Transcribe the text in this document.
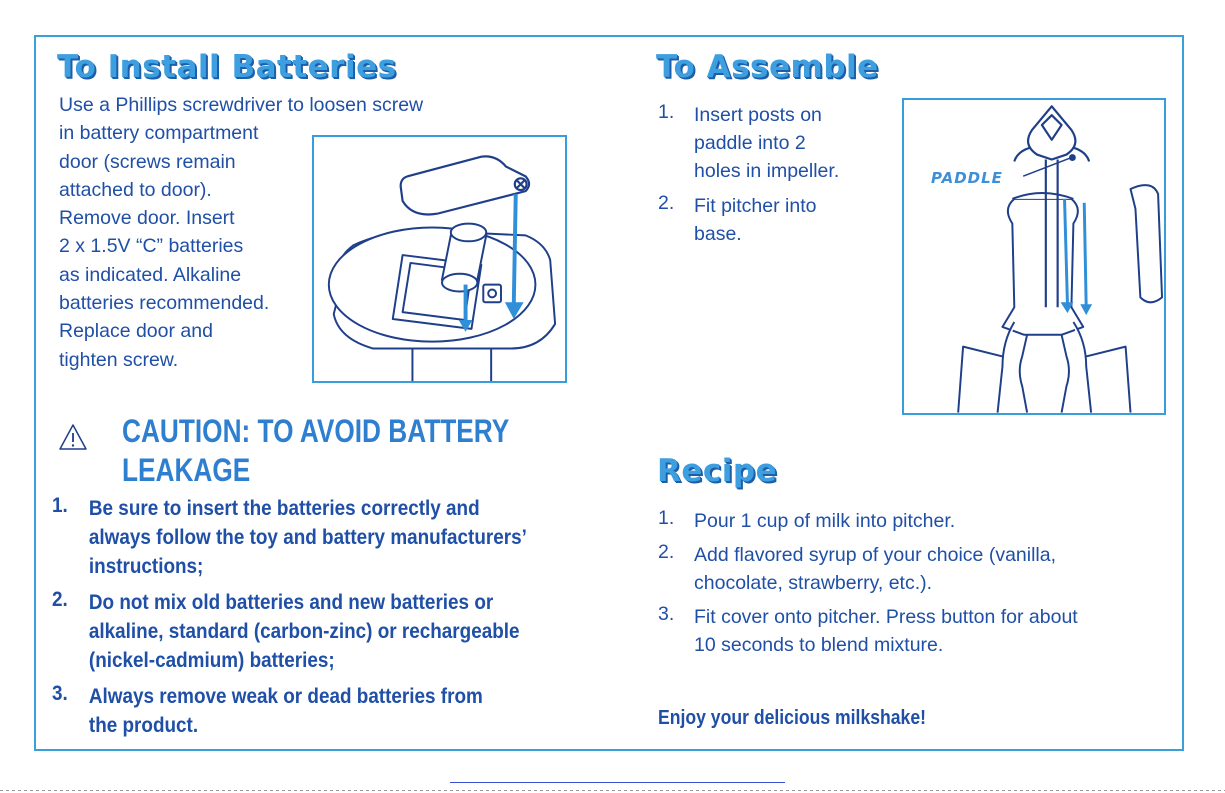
To Install Batteries

Use a Phillips screwdriver to loosen screw
in battery compartment
door (screws remain
attached to door).
Remove door. Insert
2 x 1.5V “C” batteries
as indicated. Alkaline
batteries recommended.
Replace door and
tighten screw.

CAUTION: TO AVOID BATTERY
LEAKAGE
1. Be sure to insert the batteries correctly and
always follow the toy and battery manufacturers’
instructions;
2. Do not mix old batteries and new batteries or
alkaline, standard (carbon-zinc) or rechargeable
(nickel-cadmium) batteries;
3. Always remove weak or dead batteries from
the product.
To Assemble
1. Insert posts on
paddle into 2
holes in impeller.
2. Fit pitcher into
base.
PADDLE
Recipe
1. Pour 1 cup of milk into pitcher.
2. Add flavored syrup of your choice (vanilla,
chocolate, strawberry, etc.).
3. Fit cover onto pitcher. Press button for about
10 seconds to blend mixture.

Enjoy your delicious milkshake!
